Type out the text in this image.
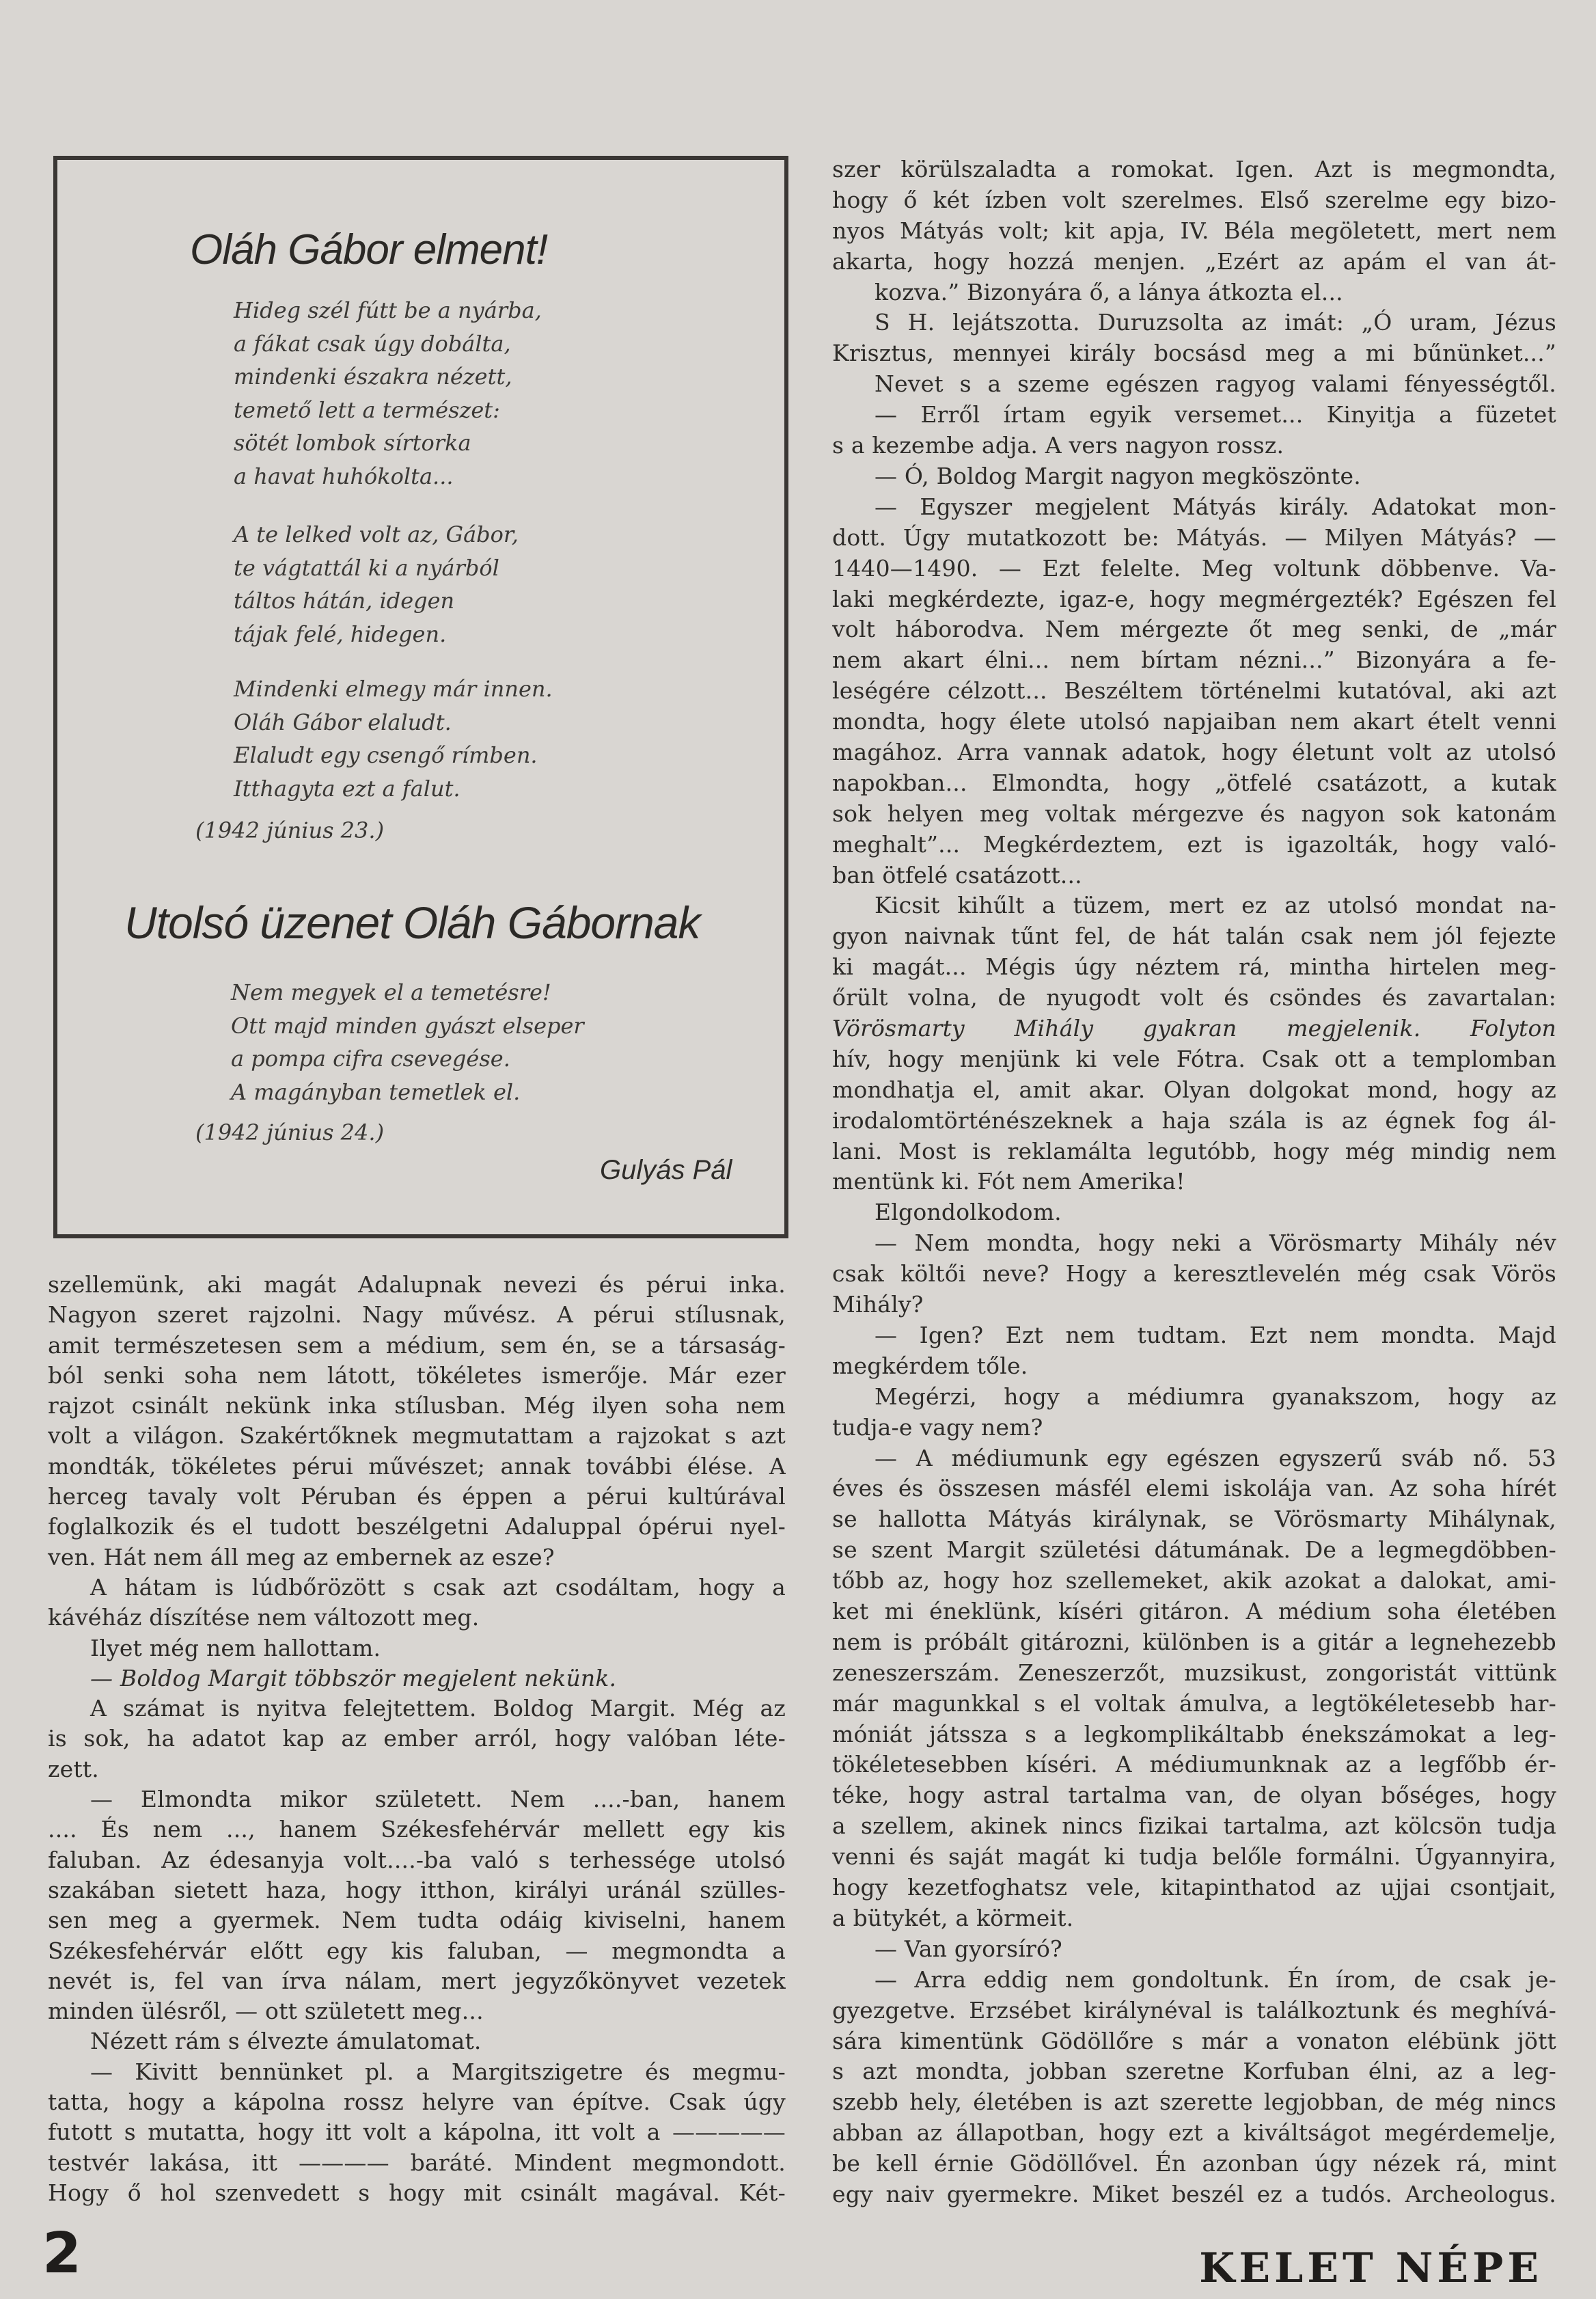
Oláh Gábor elment!
Hideg szél fútt be a nyárba,
a fákat csak úgy dobálta,
mindenki északra nézett,
temető lett a természet:
sötét lombok sírtorka
a havat huhókolta...
A te lelked volt az, Gábor,
te vágtattál ki a nyárból
táltos hátán, idegen
tájak felé, hidegen.
Mindenki elmegy már innen.
Oláh Gábor elaludt.
Elaludt egy csengő rímben.
Itthagyta ezt a falut.
(1942 június 23.)
Utolsó üzenet Oláh Gábornak
Nem megyek el a temetésre!
Ott majd minden gyászt elseper
a pompa cifra csevegése.
A magányban temetlek el.
(1942 június 24.)
Gulyás Pál
szellemünk, aki magát Adalupnak nevezi és pérui inka.
Nagyon szeret rajzolni. Nagy művész. A pérui stílusnak,
amit természetesen sem a médium, sem én, se a társaság-
ból senki soha nem látott, tökéletes ismerője. Már ezer
rajzot csinált nekünk inka stílusban. Még ilyen soha nem
volt a világon. Szakértőknek megmutattam a rajzokat s azt
mondták, tökéletes pérui művészet; annak további élése. A
herceg tavaly volt Péruban és éppen a pérui kultúrával
foglalkozik és el tudott beszélgetni Adaluppal ópérui nyel-
ven. Hát nem áll meg az embernek az esze?
A hátam is lúdbőrözött s csak azt csodáltam, hogy a
kávéház díszítése nem változott meg.
Ilyet még nem hallottam.
— Boldog Margit többször megjelent nekünk.
A számat is nyitva felejtettem. Boldog Margit. Még az
is sok, ha adatot kap az ember arról, hogy valóban léte-
zett.
— Elmondta mikor született. Nem ....-ban, hanem
.... És nem ..., hanem Székesfehérvár mellett egy kis
faluban. Az édesanyja volt....-ba való s terhessége utolsó
szakában sietett haza, hogy itthon, királyi uránál szülles-
sen meg a gyermek. Nem tudta odáig kiviselni, hanem
Székesfehérvár előtt egy kis faluban, — megmondta a
nevét is, fel van írva nálam, mert jegyzőkönyvet vezetek
minden ülésről, — ott született meg...
Nézett rám s élvezte ámulatomat.
— Kivitt bennünket pl. a Margitszigetre és megmu-
tatta, hogy a kápolna rossz helyre van építve. Csak úgy
futott s mutatta, hogy itt volt a kápolna, itt volt a —————
testvér lakása, itt ———— baráté. Mindent megmondott.
Hogy ő hol szenvedett s hogy mit csinált magával. Két-
szer körülszaladta a romokat. Igen. Azt is megmondta,
hogy ő két ízben volt szerelmes. Első szerelme egy bizo-
nyos Mátyás volt; kit apja, IV. Béla megöletett, mert nem
akarta, hogy hozzá menjen. „Ezért az apám el van át-
kozva.” Bizonyára ő, a lánya átkozta el...
S H. lejátszotta. Duruzsolta az imát: „Ó uram, Jézus
Krisztus, mennyei király bocsásd meg a mi bűnünket...”
Nevet s a szeme egészen ragyog valami fényességtől.
— Erről írtam egyik versemet... Kinyitja a füzetet
s a kezembe adja. A vers nagyon rossz.
— Ó, Boldog Margit nagyon megköszönte.
— Egyszer megjelent Mátyás király. Adatokat mon-
dott. Úgy mutatkozott be: Mátyás. — Milyen Mátyás? —
1440—1490. — Ezt felelte. Meg voltunk döbbenve. Va-
laki megkérdezte, igaz-e, hogy megmérgezték? Egészen fel
volt háborodva. Nem mérgezte őt meg senki, de „már
nem akart élni... nem bírtam nézni...” Bizonyára a fe-
leségére célzott... Beszéltem történelmi kutatóval, aki azt
mondta, hogy élete utolsó napjaiban nem akart ételt venni
magához. Arra vannak adatok, hogy életunt volt az utolsó
napokban... Elmondta, hogy „ötfelé csatázott, a kutak
sok helyen meg voltak mérgezve és nagyon sok katonám
meghalt”... Megkérdeztem, ezt is igazolták, hogy való-
ban ötfelé csatázott...
Kicsit kihűlt a tüzem, mert ez az utolsó mondat na-
gyon naivnak tűnt fel, de hát talán csak nem jól fejezte
ki magát... Mégis úgy néztem rá, mintha hirtelen meg-
őrült volna, de nyugodt volt és csöndes és zavartalan:
Vörösmarty Mihály gyakran megjelenik. Folyton
hív, hogy menjünk ki vele Fótra. Csak ott a templomban
mondhatja el, amit akar. Olyan dolgokat mond, hogy az
irodalomtörténészeknek a haja szála is az égnek fog ál-
lani. Most is reklamálta legutóbb, hogy még mindig nem
mentünk ki. Fót nem Amerika!
Elgondolkodom.
— Nem mondta, hogy neki a Vörösmarty Mihály név
csak költői neve? Hogy a keresztlevelén még csak Vörös
Mihály?
— Igen? Ezt nem tudtam. Ezt nem mondta. Majd
megkérdem tőle.
Megérzi, hogy a médiumra gyanakszom, hogy az
tudja-e vagy nem?
— A médiumunk egy egészen egyszerű sváb nő. 53
éves és összesen másfél elemi iskolája van. Az soha hírét
se hallotta Mátyás királynak, se Vörösmarty Mihálynak,
se szent Margit születési dátumának. De a legmegdöbben-
tőbb az, hogy hoz szellemeket, akik azokat a dalokat, ami-
ket mi éneklünk, kíséri gitáron. A médium soha életében
nem is próbált gitározni, különben is a gitár a legnehezebb
zeneszerszám. Zeneszerzőt, muzsikust, zongoristát vittünk
már magunkkal s el voltak ámulva, a legtökéletesebb har-
móniát játssza s a legkomplikáltabb énekszámokat a leg-
tökéletesebben kíséri. A médiumunknak az a legfőbb ér-
téke, hogy astral tartalma van, de olyan bőséges, hogy
a szellem, akinek nincs fizikai tartalma, azt kölcsön tudja
venni és saját magát ki tudja belőle formálni. Úgyannyira,
hogy kezetfoghatsz vele, kitapinthatod az ujjai csontjait,
a bütykét, a körmeit.
— Van gyorsíró?
— Arra eddig nem gondoltunk. Én írom, de csak je-
gyezgetve. Erzsébet királynéval is találkoztunk és meghívá-
sára kimentünk Gödöllőre s már a vonaton elébünk jött
s azt mondta, jobban szeretne Korfuban élni, az a leg-
szebb hely, életében is azt szerette legjobban, de még nincs
abban az állapotban, hogy ezt a kiváltságot megérdemelje,
be kell érnie Gödöllővel. Én azonban úgy nézek rá, mint
egy naiv gyermekre. Miket beszél ez a tudós. Archeologus.
2	KELET NÉPE
